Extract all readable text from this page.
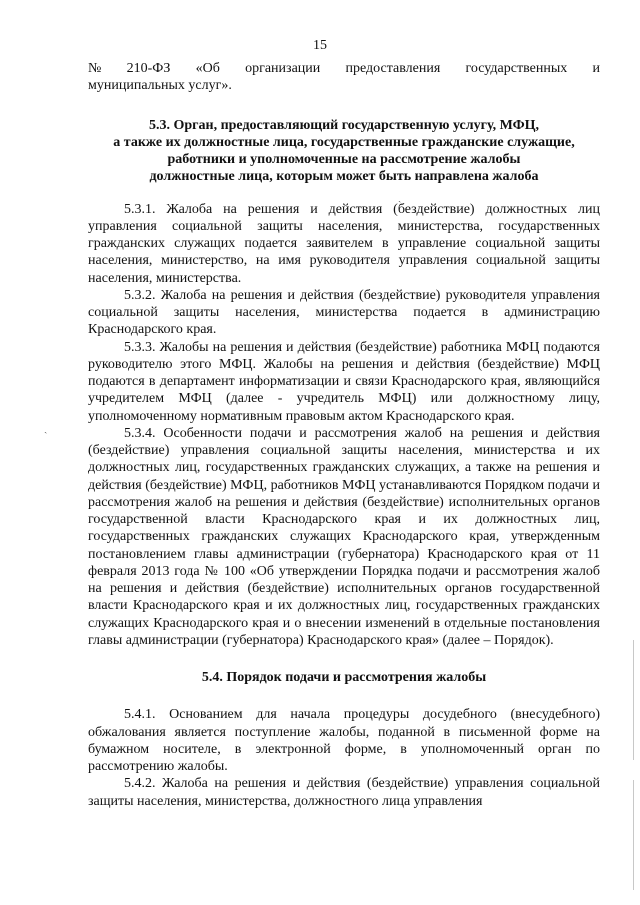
15
№ 210-ФЗ «Об организации предоставления государственных и

муниципальных услуг».

5.3. Орган, предоставляющий государственную услугу, МФЦ,
а также их должностные лица, государственные гражданские служащие,
работники и уполномоченные на рассмотрение жалобы
должностные лица, которым может быть направлена жалоба

5.3.1. Жалоба на решения и действия (бездействие) должностных лиц управления социальной защиты населения, министерства, государственных гражданских служащих подается заявителем в управление социальной защиты населения, министерство, на имя руководителя управления социальной защиты населения, министерства.

5.3.2. Жалоба на решения и действия (бездействие) руководителя управления социальной защиты населения, министерства подается в администрацию Краснодарского края.

5.3.3. Жалобы на решения и действия (бездействие) работника МФЦ подаются руководителю этого МФЦ. Жалобы на решения и действия (бездействие) МФЦ подаются в департамент информатизации и связи Краснодарского края, являющийся учредителем МФЦ (далее - учредитель МФЦ) или должностному лицу, уполномоченному нормативным правовым актом Краснодарского края.

5.3.4. Особенности подачи и рассмотрения жалоб на решения и действия (бездействие) управления социальной защиты населения, министерства и их должностных лиц, государственных гражданских служащих, а также на решения и действия (бездействие) МФЦ, работников МФЦ устанавливаются Порядком подачи и рассмотрения жалоб на решения и действия (бездействие) исполнительных органов государственной власти Краснодарского края и их должностных лиц, государственных гражданских служащих Краснодарского края, утвержденным постановлением главы администрации (губернатора) Краснодарского края от 11 февраля 2013 года № 100 «Об утверждении Порядка подачи и рассмотрения жалоб на решения и действия (бездействие) исполнительных органов государственной власти Краснодарского края и их должностных лиц, государственных гражданских служащих Краснодарского края и о внесении изменений в отдельные постановления главы администрации (губернатора) Краснодарского края» (далее – Порядок).

5.4. Порядок подачи и рассмотрения жалобы

5.4.1. Основанием для начала процедуры досудебного (внесудебного) обжалования является поступление жалобы, поданной в письменной форме на бумажном носителе, в электронной форме, в уполномоченный орган по рассмотрению жалобы.

5.4.2. Жалоба на решения и действия (бездействие) управления социальной защиты населения, министерства, должностного лица управления

ˎ
ˏ
